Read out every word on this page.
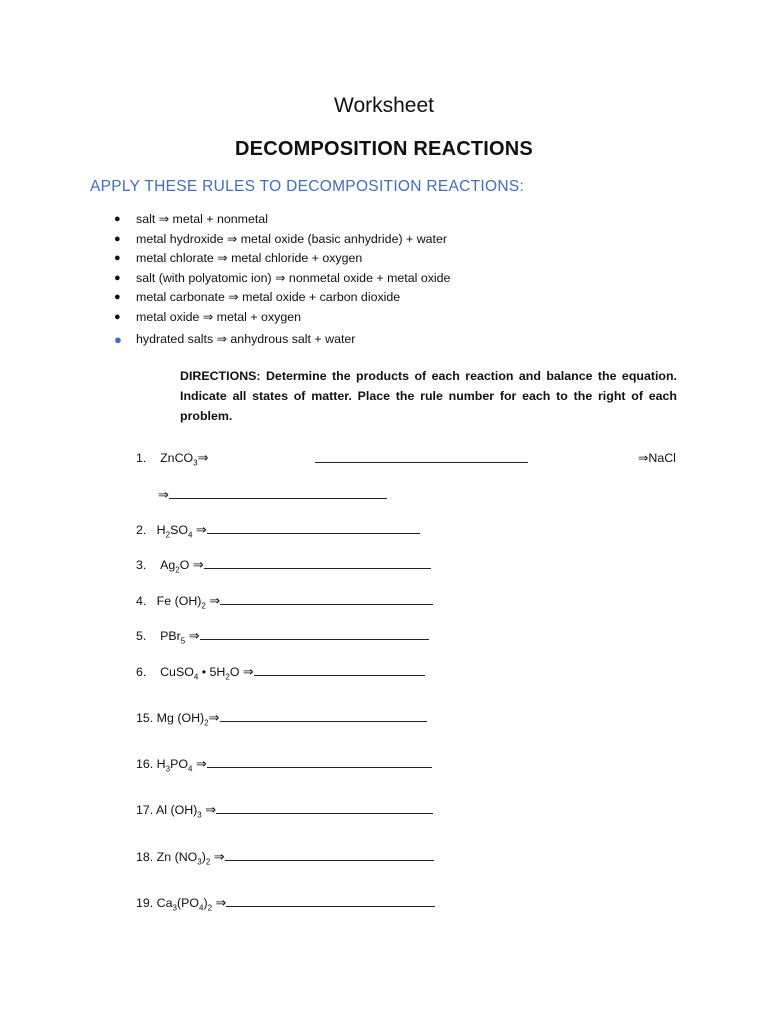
Worksheet
DECOMPOSITION REACTIONS
APPLY THESE RULES TO DECOMPOSITION REACTIONS:
● salt ⇒ metal + nonmetal
● metal hydroxide ⇒ metal oxide (basic anhydride) + water
● metal chlorate ⇒ metal chloride + oxygen
● salt (with polyatomic ion) ⇒ nonmetal oxide + metal oxide
● metal carbonate ⇒ metal oxide + carbon dioxide
● metal oxide ⇒ metal + oxygen
● hydrated salts ⇒ anhydrous salt + water
DIRECTIONS: Determine the products of each reaction and balance the equation. Indicate all states of matter. Place the rule number for each to the right of each problem.
1.    ZnCO$_3$⇒	⇒NaCl
⇒
2.   $H_2SO_4$ ⇒
3.    $Ag_2O$ ⇒
4.   Fe $(OH)_2$ ⇒
5.    PBr$_5$ ⇒
6.    CuSO$_4$ • $5H_2O$ ⇒
15. Mg $(OH)_2\Rightarrow$
16. $H_3PO_4$ ⇒
17. Al $(OH)_3$ ⇒
18. Zn $(NO_3)_2$ ⇒
19. $Ca_3(PO_4)_2$ ⇒
